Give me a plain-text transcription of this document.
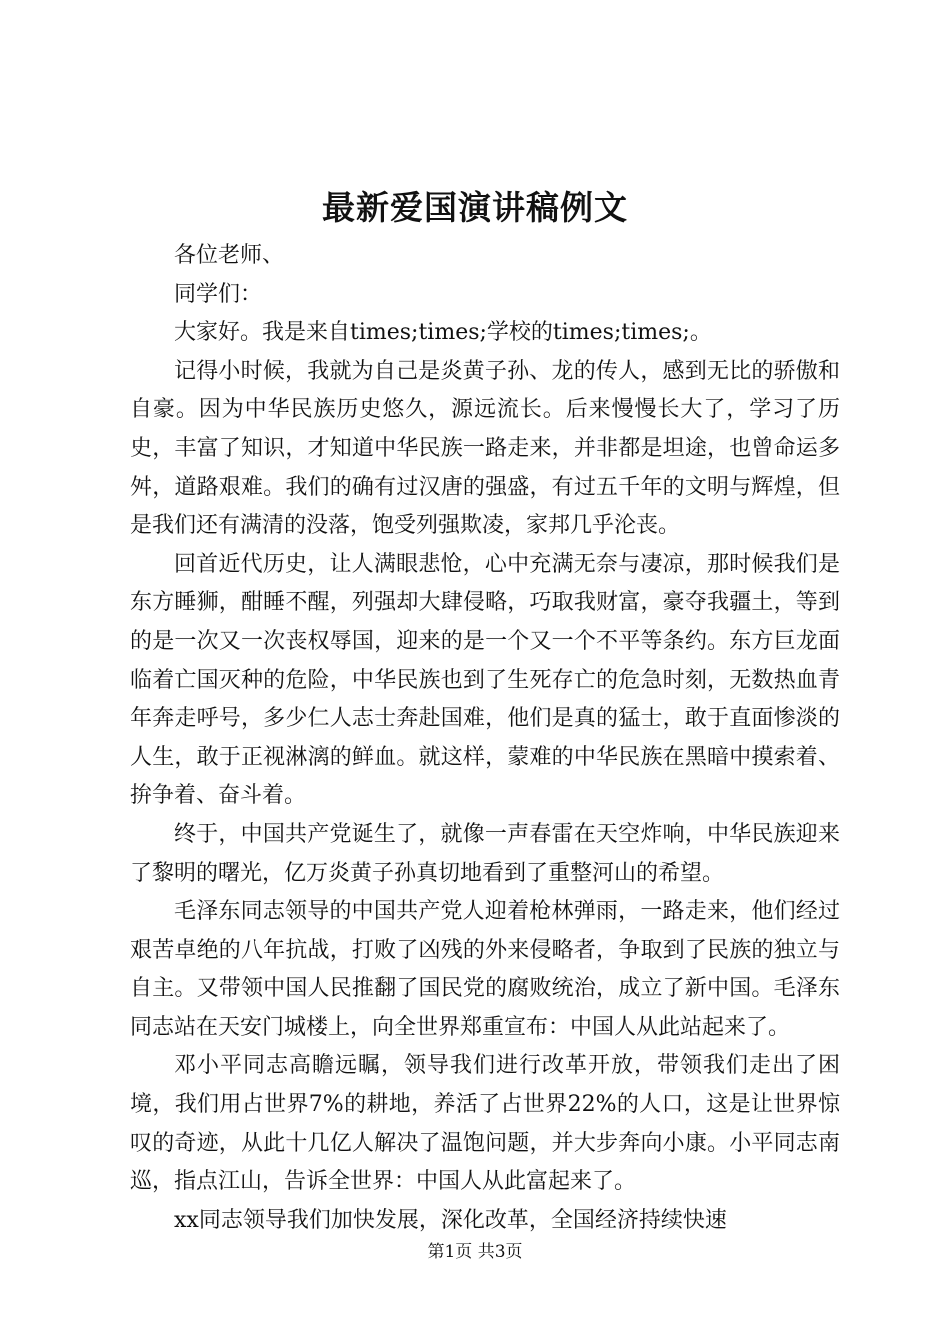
最新爱国演讲稿例文

各位老师、

同学们：

大家好。我是来自times;times;学校的times;times;。

记得小时候，我就为自己是炎黄子孙、龙的传人，感到无比的骄傲和自豪。因为中华民族历史悠久，源远流长。后来慢慢长大了，学习了历史，丰富了知识，才知道中华民族一路走来，并非都是坦途，也曾命运多舛，道路艰难。我们的确有过汉唐的强盛，有过五千年的文明与辉煌，但是我们还有满清的没落，饱受列强欺凌，家邦几乎沦丧。

回首近代历史，让人满眼悲怆，心中充满无奈与凄凉，那时候我们是东方睡狮，酣睡不醒，列强却大肆侵略，巧取我财富，豪夺我疆土，等到的是一次又一次丧权辱国，迎来的是一个又一个不平等条约。东方巨龙面临着亡国灭种的危险，中华民族也到了生死存亡的危急时刻，无数热血青年奔走呼号，多少仁人志士奔赴国难，他们是真的猛士，敢于直面惨淡的人生，敢于正视淋漓的鲜血。就这样，蒙难的中华民族在黑暗中摸索着、拚争着、奋斗着。

终于，中国共产党诞生了，就像一声春雷在天空炸响，中华民族迎来了黎明的曙光，亿万炎黄子孙真切地看到了重整河山的希望。

毛泽东同志领导的中国共产党人迎着枪林弹雨，一路走来，他们经过艰苦卓绝的八年抗战，打败了凶残的外来侵略者，争取到了民族的独立与自主。又带领中国人民推翻了国民党的腐败统治，成立了新中国。毛泽东同志站在天安门城楼上，向全世界郑重宣布：中国人从此站起来了。

邓小平同志高瞻远瞩，领导我们进行改革开放，带领我们走出了困境，我们用占世界7%的耕地，养活了占世界22%的人口，这是让世界惊叹的奇迹，从此十几亿人解决了温饱问题，并大步奔向小康。小平同志南巡，指点江山，告诉全世界：中国人从此富起来了。

xx同志领导我们加快发展，深化改革，全国经济持续快速

第1页 共3页
